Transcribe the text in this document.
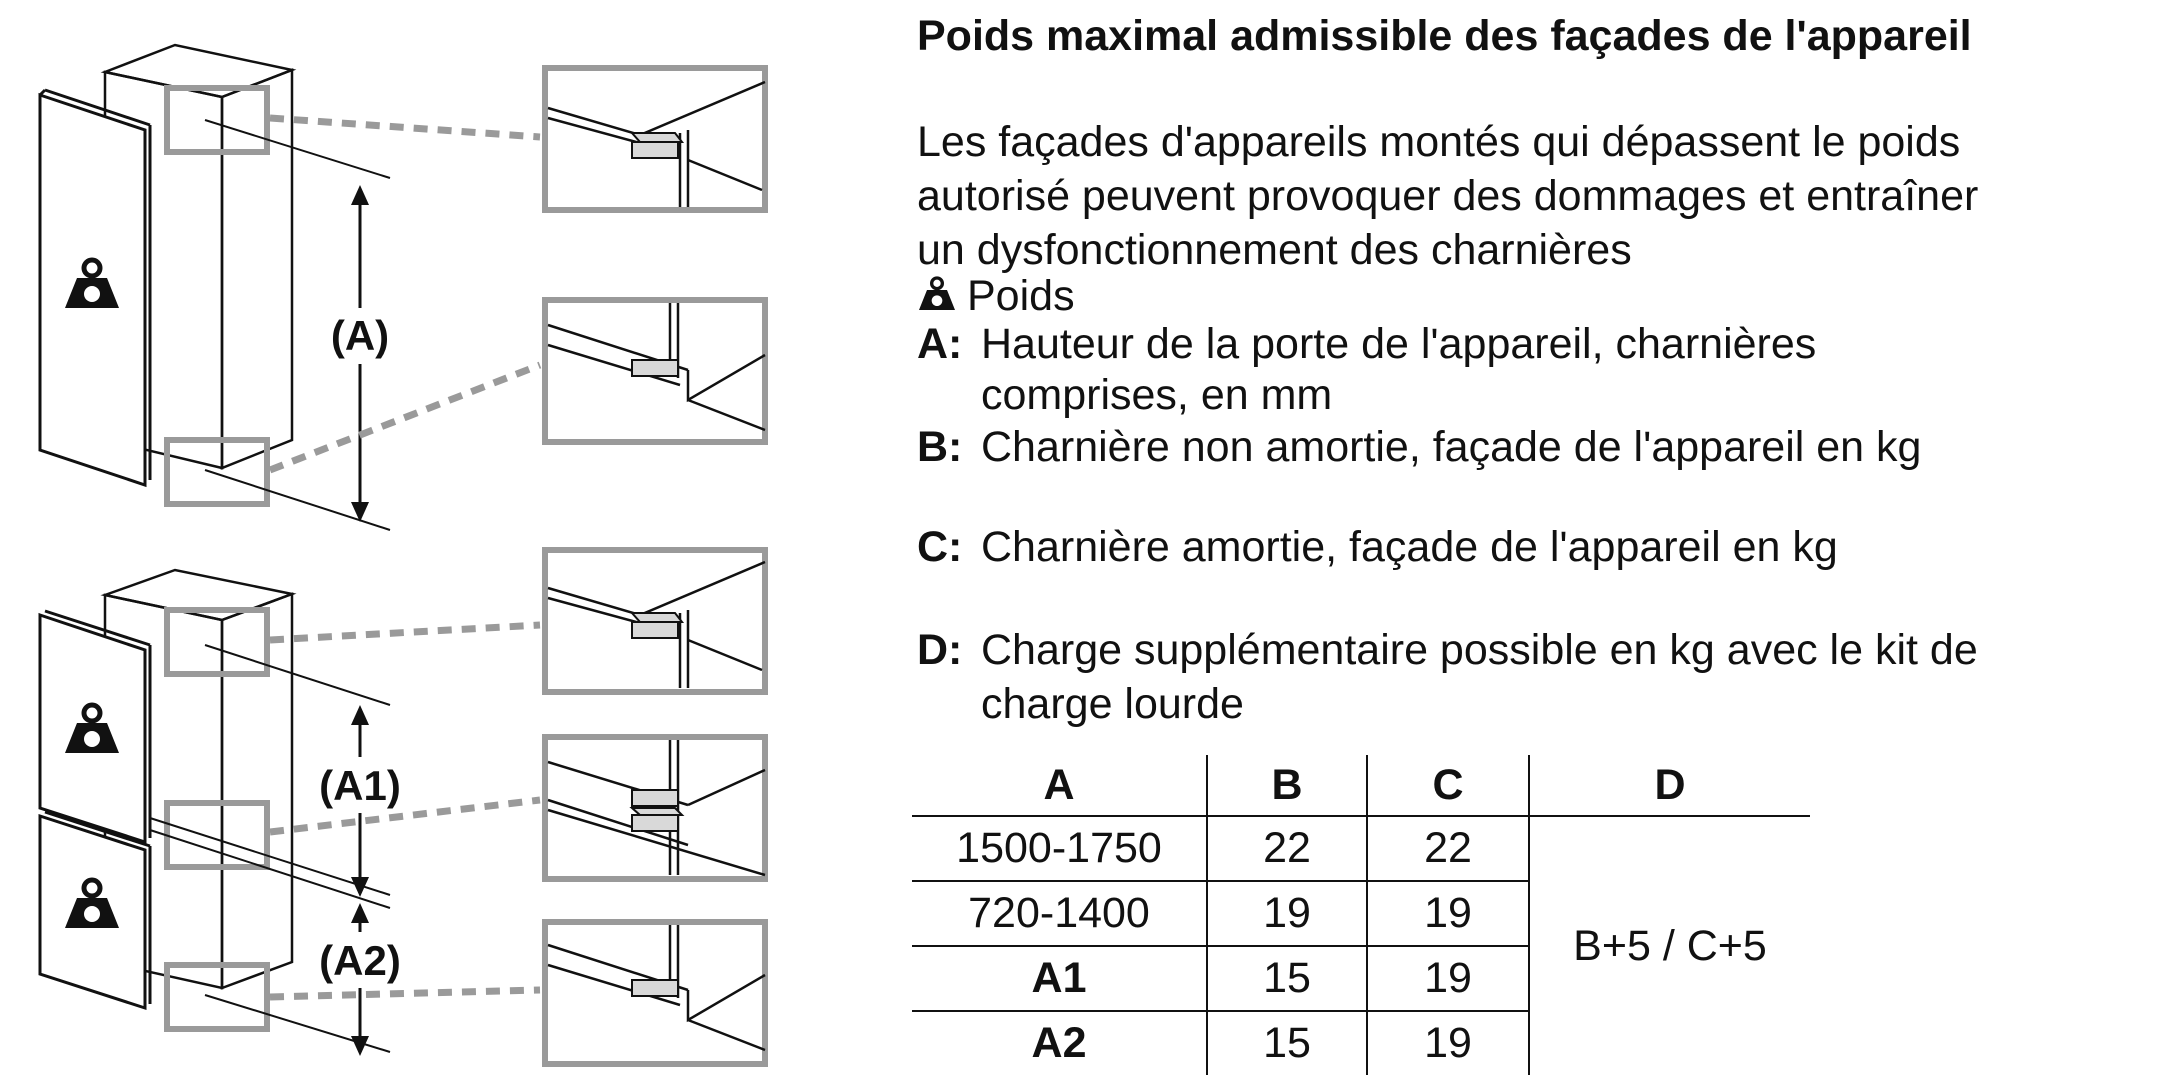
(A)
(A1)
(A2)
Poids maximal admissible des façades de l'appareil
Les façades d'appareils montés qui dépassent le poids
autorisé peuvent provoquer des dommages et entraîner
un dysfonctionnement des charnières
Poids
A: Hauteur de la porte de l'appareil, charnières
comprises, en mm
B: Charnière non amortie, façade de l'appareil en kg
C: Charnière amortie, façade de l'appareil en kg
D: Charge supplémentaire possible en kg avec le kit de
charge lourde
A	B	C	D
1500-1750	22	22	B+5 / C+5
720-1400	19	19	
A1	15	19	
A2	15	19	
